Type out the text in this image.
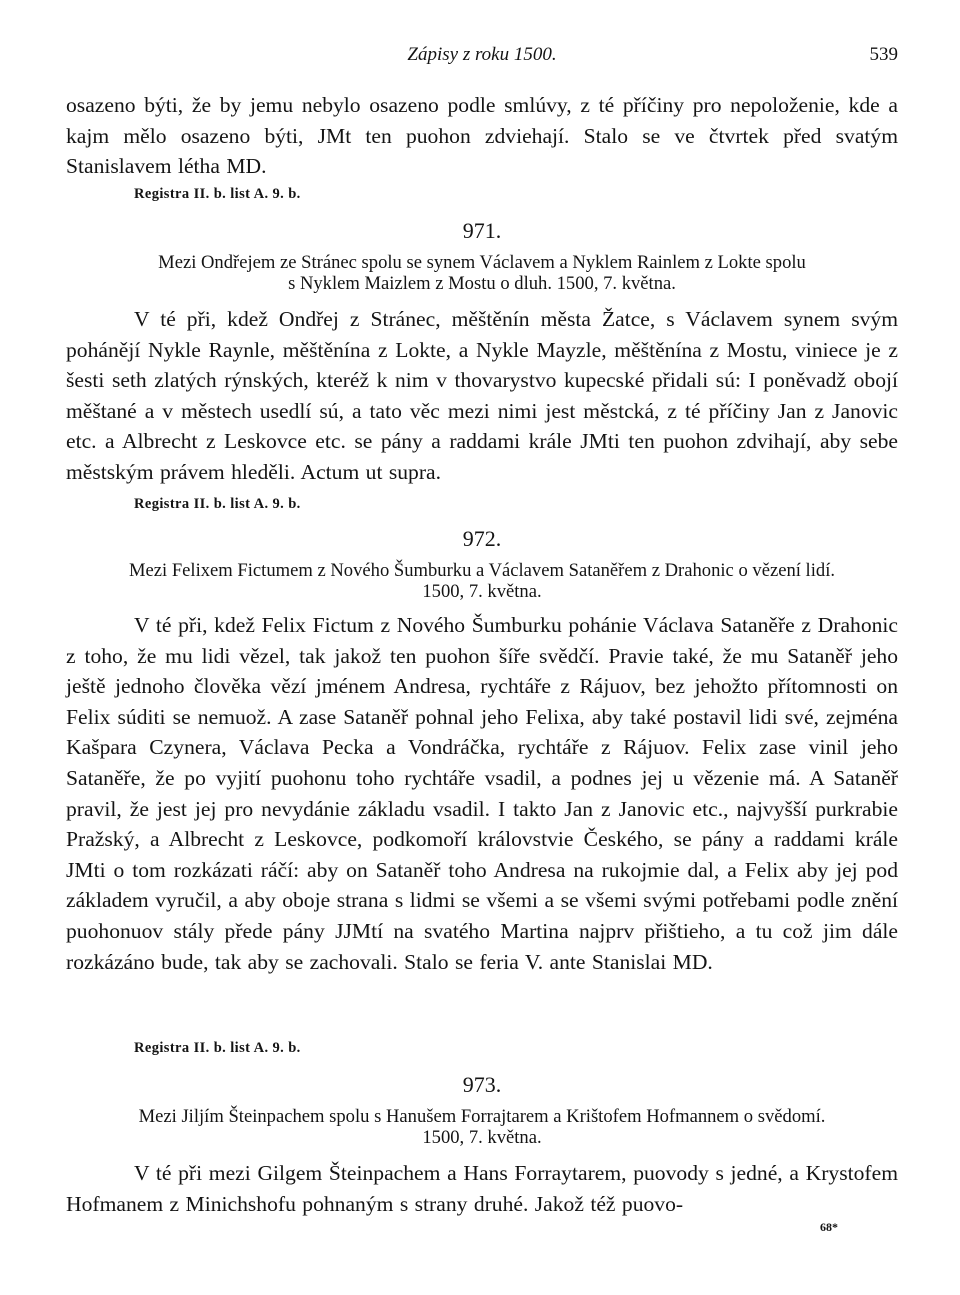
Zápisy z roku 1500.	539

osazeno býti, že by jemu nebylo osazeno podle smlúvy, z té příčiny pro nepoloženie, kde a kajm mělo osazeno býti, JMt ten puohon zdviehají. Stalo se ve čtvrtek před svatým Stanislavem létha MD.

Registra II. b. list A. 9. b.
971.

Mezi Ondřejem ze Stránec spolu se synem Václavem a Nyklem Rainlem z Lokte spolu

s Nyklem Maizlem z Mostu o dluh. 1500, 7. května.

V té při, kdež Ondřej z Stránec, měštěnín města Žatce, s Václavem synem svým pohánějí Nykle Raynle, měštěnína z Lokte, a Nykle Mayzle, měštěnína z Mostu, viniece je z šesti seth zlatých rýnských, kteréž k nim v thovarystvo kupecské přidali sú: I poněvadž obojí měštané a v městech usedlí sú, a tato věc mezi nimi jest městcká, z té příčiny Jan z Janovic etc. a Albrecht z Leskovce etc. se pány a raddami krále JMti ten puohon zdvihají, aby sebe městským právem hleděli. Actum ut supra.

Registra II. b. list A. 9. b.
972.

Mezi Felixem Fictumem z Nového Šumburku a Václavem Sataněřem z Drahonic o vězení lidí.

1500, 7. května.

V té při, kdež Felix Fictum z Nového Šumburku pohánie Václava Sataněře z Drahonic z toho, že mu lidi vězel, tak jakož ten puohon šíře svědčí. Pravie také, že mu Sataněř jeho ještě jednoho člověka vězí jménem Andresa, rychtáře z Rájuov, bez jehožto přítomnosti on Felix súditi se nemuož. A zase Sataněř pohnal jeho Felixa, aby také postavil lidi své, zejména Kašpara Czynera, Václava Pecka a Vondráčka, rychtáře z Rájuov. Felix zase vinil jeho Sataněře, že po vyjití puohonu toho rychtáře vsadil, a podnes jej u vězenie má. A Sataněř pravil, že jest jej pro nevydánie základu vsadil. I takto Jan z Janovic etc., najvyšší purkrabie Pražský, a Albrecht z Leskovce, podkomoří královstvie Českého, se pány a raddami krále JMti o tom rozkázati ráčí: aby on Sataněř toho Andresa na rukojmie dal, a Felix aby jej pod základem vyručil, a aby oboje strana s lidmi se všemi a se všemi svými potřebami podle znění puohonuov stály přede pány JJMtí na svatého Martina najprv přištieho, a tu což jim dále rozkázáno bude, tak aby se zachovali. Stalo se feria V. ante Stanislai MD.

Registra II. b. list A. 9. b.
973.

Mezi Jiljím Šteinpachem spolu s Hanušem Forrajtarem a Krištofem Hofmannem o svědomí.

1500, 7. května.

V té při mezi Gilgem Šteinpachem a Hans Forraytarem, puovody s jedné, a Krystofem Hofmanem z Minichshofu pohnaným s strany druhé. Jakož též puovo-

68*
